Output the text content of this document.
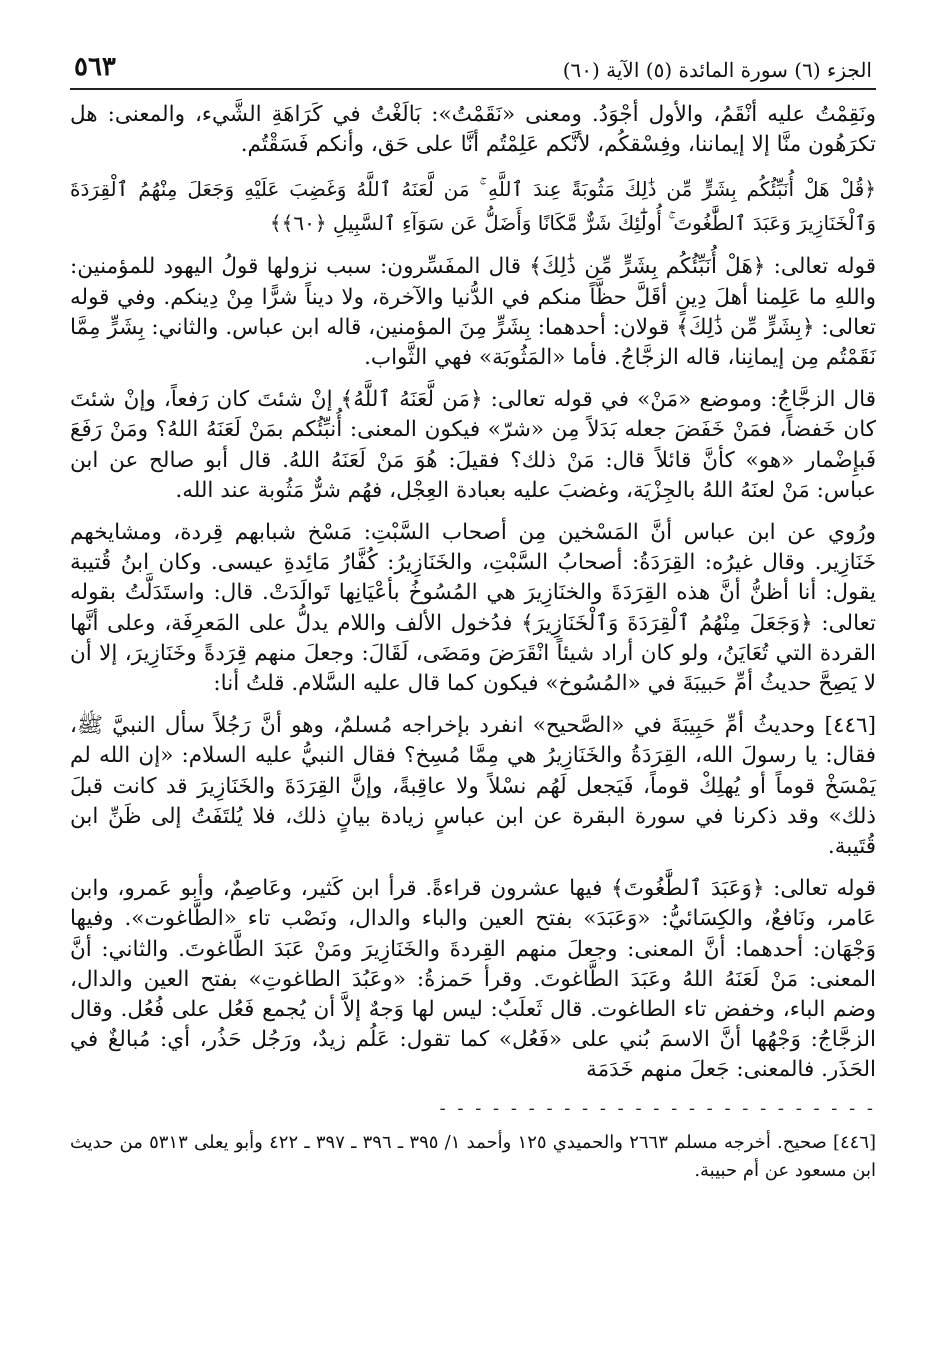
الجزء (٦) سورة المائدة (٥) الآية (٦٠)
٥٦٣

ونَقِمْتُ عليه أنْقَمُ، والأول أجْوَدُ. ومعنى «نَقَمْتُ»: بَالَغْتُ في كَرَاهَةِ الشَّيء، والمعنى: هل تكرَهُون منَّا إلا إيماننا، وفِسْقكُم، لأنَّكم عَلِمْتُم أنَّا على حَق، وأنكم فَسَقْتُم.

﴿قُلْ هَلْ أُنَبِّئُكُم بِشَرٍّ مِّن ذَٰلِكَ مَثُوبَةً عِندَ ٱللَّهِ ۚ مَن لَّعَنَهُ ٱللَّهُ وَغَضِبَ عَلَيْهِ وَجَعَلَ مِنْهُمُ ٱلْقِرَدَةَ وَٱلْخَنَازِيرَ وَعَبَدَ ٱلطَّٰغُوتَ ۚ أُولَٰٓئِكَ شَرٌّ مَّكَانًا وَأَضَلُّ عَن سَوَآءِ ٱلسَّبِيلِ ﴿٦٠﴾﴾

قوله تعالى: ﴿هَلْ أُنَبِّئُكُم بِشَرٍّ مِّن ذَٰلِكَ﴾ قال المفَسِّرون: سبب نزولها قولُ اليهود للمؤمنين: واللهِ ما عَلِمنا أهلَ دِينٍ أقَلَّ حظَّاً منكم في الدُّنيا والآخرة، ولا ديناً شرًّا مِنْ دِينكم. وفي قوله تعالى: ﴿بِشَرٍّ مِّن ذَٰلِكَ﴾ قولان: أحدهما: بِشَرٍّ مِنَ المؤمنين، قاله ابن عباس. والثاني: بِشَرٍّ مِمَّا نَقَمْتُم مِن إيمانِنا، قاله الزجَّاجُ. فأما «المَثُوبَة» فهي الثَّواب.

قال الزجَّاجُ: وموضع «مَنْ» في قوله تعالى: ﴿مَن لَّعَنَهُ ٱللَّهُ﴾ إنْ شئتَ كان رَفعاً، وإنْ شئتَ كان خَفضاً، فمَنْ خَفَضَ جعله بَدَلاً مِن «شرّ» فيكون المعنى: أُنبِّئُكم بمَنْ لَعَنَهُ اللهُ؟ ومَنْ رَفَعَ فَبإِضْمار «هو» كأنَّ قائلاً قال: مَنْ ذلك؟ فقيلَ: هُوَ مَنْ لَعَنَهُ اللهُ. قال أبو صالح عن ابن عباس: مَنْ لعنَهُ اللهُ بالجِزْيَة، وغضبَ عليه بعبادة العِجْل، فهُم شرٌّ مَثُوبة عند الله.

ورُوي عن ابن عباس أنَّ المَسْخين مِن أصحاب السَّبْتِ: مَسْخ شبابهم قِردة، ومشايخهم خَنَازِير. وقال غيرُه: القِرَدَةُ: أصحابُ السَّبْتِ، والخَنَازِيرُ: كُفَّارُ مَائِدةِ عيسى. وكان ابنُ قُتيبة يقول: أنا أظنُّ أنَّ هذه القِرَدَةَ والخنَازِيرَ هي المُسُوخُ بأعْيَانِها تَوالَدَتْ. قال: واستَدَلَّتُ بقوله تعالى: ﴿وَجَعَلَ مِنْهُمُ ٱلْقِرَدَةَ وَٱلْخَنَازِيرَ﴾ فدُخول الألف واللام يدلُّ على المَعرِفَة، وعلى أنَّها القردة التي تُعَايَنُ، ولو كان أراد شيئاً انْقَرَضَ ومَضَى، لَقَالَ: وجعلَ منهم قِرَدةً وخَنَازِيرَ، إلا أن لا يَصِحَّ حديثُ أمِّ حَبيبَةَ في «المُسُوخ» فيكون كما قال عليه السَّلام. قلتُ أنا:

[٤٤٦] وحديثُ أمِّ حَبِيبَةَ في «الصَّحيح» انفرد بإخراجه مُسلمٌ، وهو أنَّ رَجُلاً سأل النبيَّ ﷺ، فقال: يا رسولَ الله، القِرَدَةُ والخَنَازِيرُ هي مِمَّا مُسِخ؟ فقال النبيُّ عليه السلام: «إن الله لم يَمْسَخْ قوماً أو يُهلِكْ قوماً، فَيَجعل لَهُم نسْلاً ولا عاقِبةً، وإنَّ القِرَدَةَ والخَنَازِيرَ قد كانت قبلَ ذلك» وقد ذكرنا في سورة البقرة عن ابن عباسٍ زيادة بيانٍ ذلك، فلا يُلتَفَتُ إلى ظَنِّ ابن قُتَيبة.

قوله تعالى: ﴿وَعَبَدَ ٱلطَّٰغُوتَ﴾ فيها عشرون قراءةً. قرأ ابن كَثير، وعَاصِمٌ، وأبو عَمرو، وابن عَامر، ونَافعٌ، والكِسَائيُّ: «وَعَبَدَ» بفتح العين والباء والدال، ونَصْب تاء «الطَّاغوت». وفيها وَجْهَان: أحدهما: أنَّ المعنى: وجعلَ منهم القِردةَ والخَنَازِيرَ ومَنْ عَبَدَ الطَّاغوتَ. والثاني: أنَّ المعنى: مَنْ لَعَنَهُ اللهُ وعَبَدَ الطَّاغوتَ. وقرأ حَمزةُ: «وعَبُدَ الطاغوتِ» بفتح العين والدال، وضم الباء، وخفض تاء الطاغوت. قال ثَعلَبٌ: ليس لها وَجهٌ إلاَّ أن يُجمع فَعُل على فُعُل. وقال الزجَّاجُ: وَجْهُها أنَّ الاسمَ بُني على «فَعُل» كما تقول: عَلُم زيدٌ، ورَجُل حَذُر، أي: مُبالغٌ في الحَذَر. فالمعنى: جَعلَ منهم خَدَمَة

- - - - - - - - - - - - - - - - - - - - - - - - -
[٤٤٦] صحيح. أخرجه مسلم ٢٦٦٣ والحميدي ١٢٥ وأحمد ١/ ٣٩٥ ـ ٣٩٦ ـ ٣٩٧ ـ ٤٢٢ وأبو يعلى ٥٣١٣ من حديث ابن مسعود عن أم حبيبة.
